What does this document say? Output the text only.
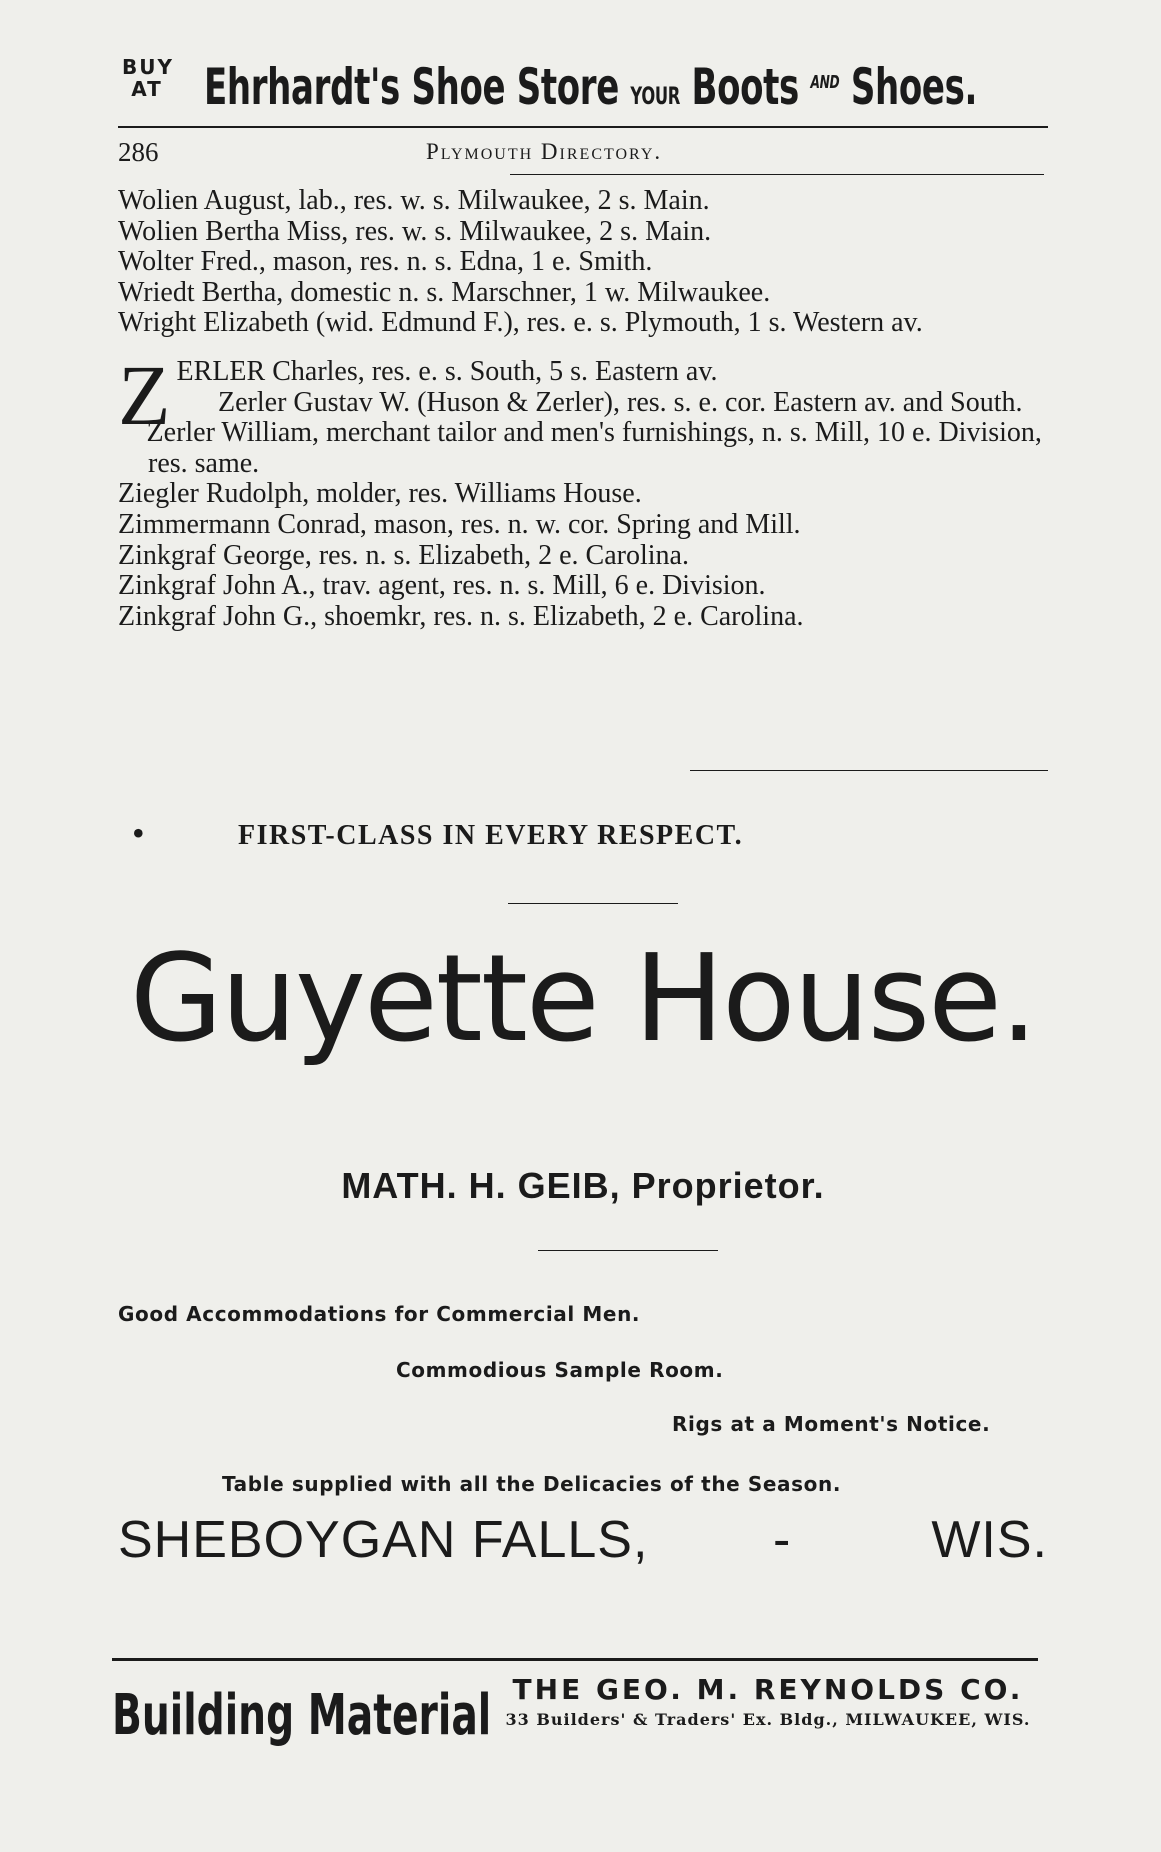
BUY
AT Ehrhardt's Shoe Store YOUR Boots $^{AND}$ Shoes.
286	Plymouth Directory.

Wolien August, lab., res. w. s. Milwaukee, 2 s. Main.

Wolien Bertha Miss, res. w. s. Milwaukee, 2 s. Main.

Wolter Fred., mason, res. n. s. Edna, 1 e. Smith.

Wriedt Bertha, domestic n. s. Marschner, 1 w. Milwaukee.

Wright Elizabeth (wid. Edmund F.), res. e. s. Plymouth, 1 s. Western av.

Z ERLER Charles, res. e. s. South, 5 s. Eastern av.
Zerler Gustav W. (Huson & Zerler), res. s. e. cor. Eastern av. and South.

Zerler William, merchant tailor and men's furnishings, n. s. Mill, 10 e. Division, res. same.

Ziegler Rudolph, molder, res. Williams House.

Zimmermann Conrad, mason, res. n. w. cor. Spring and Mill.

Zinkgraf George, res. n. s. Elizabeth, 2 e. Carolina.

Zinkgraf John A., trav. agent, res. n. s. Mill, 6 e. Division.

Zinkgraf John G., shoemkr, res. n. s. Elizabeth, 2 e. Carolina.

•	FIRST-CLASS IN EVERY RESPECT.
Guyette House.
MATH. H. GEIB, Proprietor.
Good Accommodations for Commercial Men.
Commodious Sample Room.
Rigs at a Moment's Notice.
Table supplied with all the Delicacies of the Season.
SHEBOYGAN FALLS, -	WIS.
Building Material THE GEO. M. REYNOLDS CO.
33 Builders' & Traders' Ex. Bldg., MILWAUKEE, WIS.
